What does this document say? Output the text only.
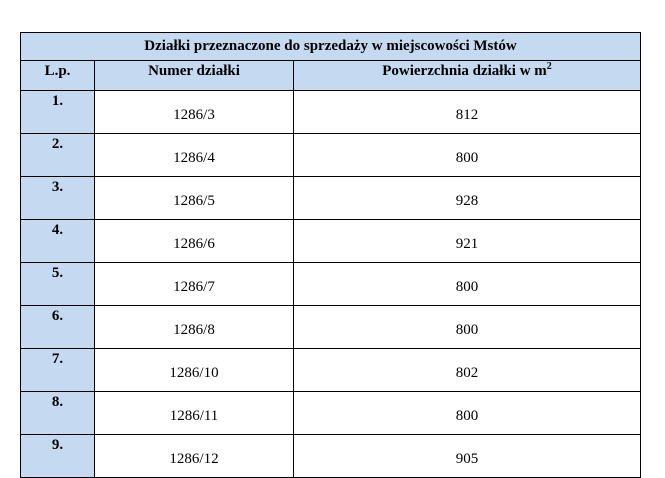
Działki przeznaczone do sprzedaży w miejscowości Mstów		
L.p.	Numer działki	Powierzchnia działki w $m^2$
1.	1286/3	812
2.	1286/4	800
3.	1286/5	928
4.	1286/6	921
5.	1286/7	800
6.	1286/8	800
7.	1286/10	802
8.	1286/11	800
9.	1286/12	905
